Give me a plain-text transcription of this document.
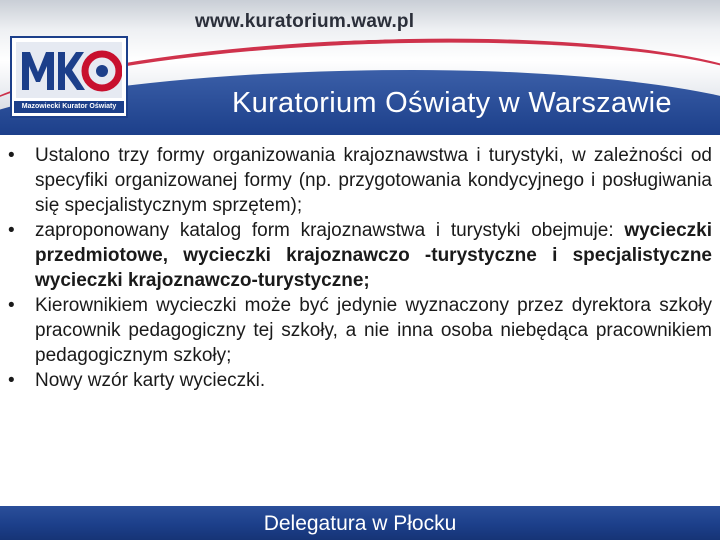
www.kuratorium.waw.pl
Kuratorium Oświaty w Warszawie
Mazowiecki Kurator Oświaty
• Ustalono trzy formy organizowania krajoznawstwa i turystyki, w zależności od specyfiki organizowanej formy (np. przygotowania kondycyjnego i posługiwania się specjalistycznym sprzętem);
• zaproponowany katalog form krajoznawstwa i turystyki obejmuje: wycieczki przedmiotowe, wycieczki krajoznawczo -turystyczne i specjalistyczne wycieczki krajoznawczo-turystyczne;
• Kierownikiem wycieczki może być jedynie wyznaczony przez dyrektora szkoły pracownik pedagogiczny tej szkoły, a nie inna osoba niebędąca pracownikiem pedagogicznym szkoły;
• Nowy wzór karty wycieczki.
Delegatura w Płocku
